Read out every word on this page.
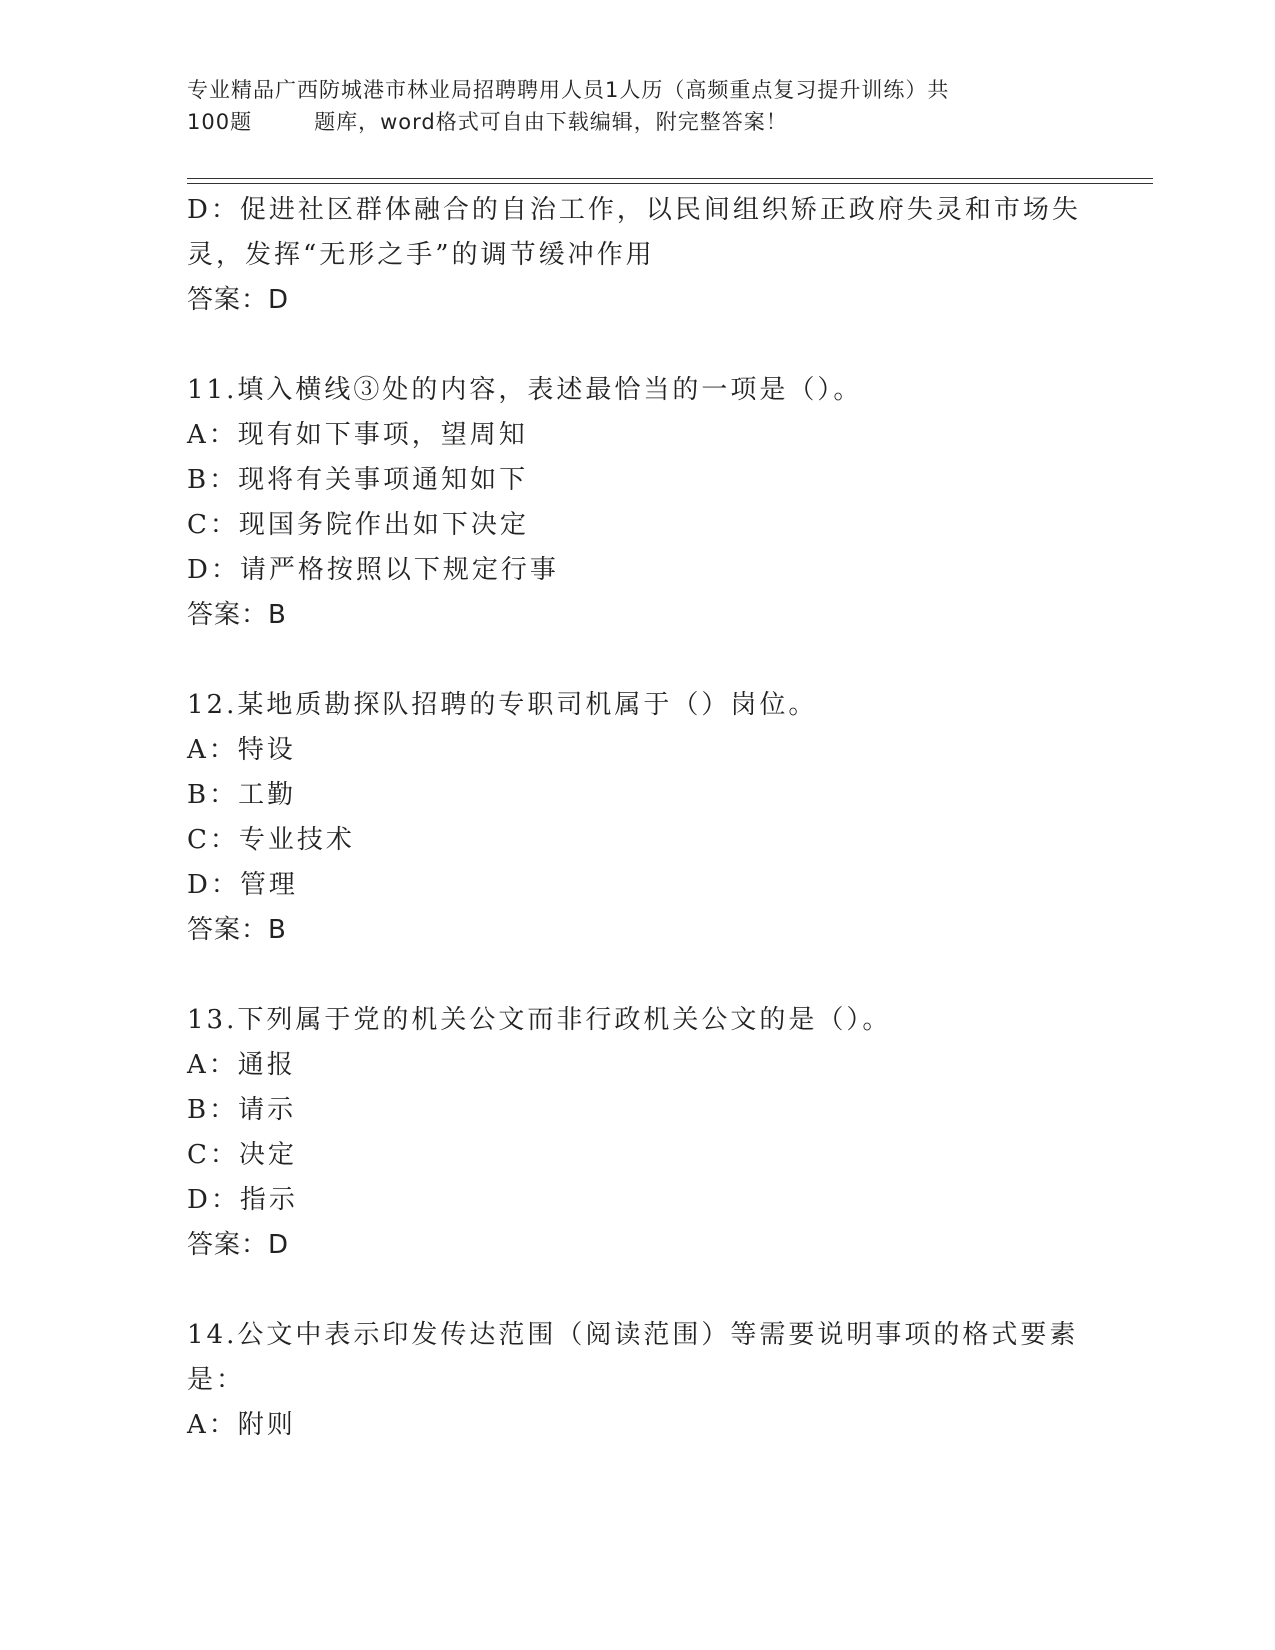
专业精品广西防城港市林业局招聘聘用人员1人历（高频重点复习提升训练）共
100题	题库，word格式可自由下载编辑，附完整答案！
D：促进社区群体融合的自治工作，以民间组织矫正政府失灵和市场失
灵，发挥“无形之手”的调节缓冲作用
答案：D
11.填入横线③处的内容，表述最恰当的一项是（）。
A：现有如下事项，望周知
B：现将有关事项通知如下
C：现国务院作出如下决定
D：请严格按照以下规定行事
答案：B
12.某地质勘探队招聘的专职司机属于（）岗位。
A：特设
B：工勤
C：专业技术
D：管理
答案：B
13.下列属于党的机关公文而非行政机关公文的是（）。
A：通报
B：请示
C：决定
D：指示
答案：D
14.公文中表示印发传达范围（阅读范围）等需要说明事项的格式要素
是：
A：附则
